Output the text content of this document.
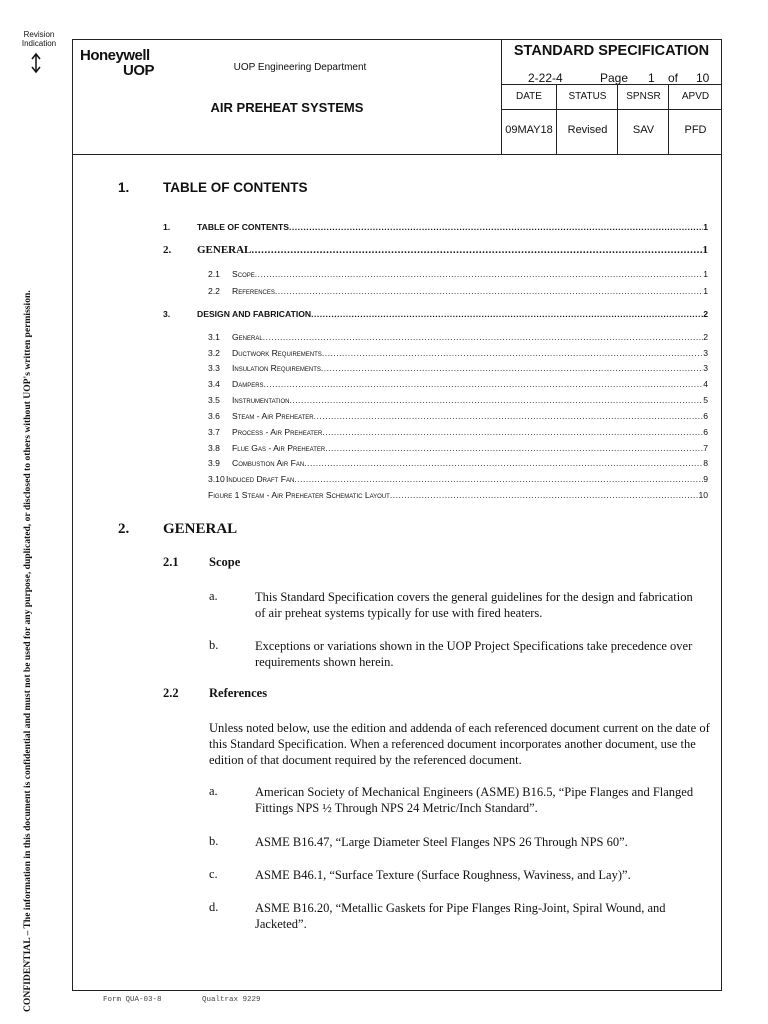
Revision Indication
CONFIDENTIAL – The information in this document is confidential and must not be used for any purpose, duplicated, or disclosed to others without UOP's written permission.
Honeywell
UOP	UOP Engineering Department
AIR PREHEAT SYSTEMS
STANDARD SPECIFICATION
2-22-4	Page 1 of 10
DATE	STATUS	SPNSR	APVD
09MAY18	Revised	SAV	PFD
1. TABLE OF CONTENTS
1.	TABLE OF CONTENTS .....	1
2.	GENERAL .....	1
2.1	Scope .....	1
2.2	References .....	1
3.	DESIGN AND FABRICATION .....	2
3.1	General .....	2
3.2	Ductwork Requirements .....	3
3.3	Insulation Requirements .....	3
3.4	Dampers .....	4
3.5	Instrumentation .....	5
3.6	Steam - Air Preheater .....	6
3.7	Process - Air Preheater .....	6
3.8	Flue Gas - Air Preheater .....	7
3.9	Combustion Air Fan .....	8
3.10 Induced Draft Fan .....	9
Figure 1 Steam - Air Preheater Schematic Layout .....	10
2. GENERAL
2.1 Scope
a.	This Standard Specification covers the general guidelines for the design and fabrication of air preheat systems typically for use with fired heaters.
b.	Exceptions or variations shown in the UOP Project Specifications take precedence over requirements shown herein.
2.2 References
Unless noted below, use the edition and addenda of each referenced document current on the date of this Standard Specification. When a referenced document incorporates another document, use the edition of that document required by the referenced document.
a.	American Society of Mechanical Engineers (ASME) B16.5, “Pipe Flanges and Flanged Fittings NPS ½ Through NPS 24 Metric/Inch Standard”.
b.	ASME B16.47, “Large Diameter Steel Flanges NPS 26 Through NPS 60”.
c.	ASME B46.1, “Surface Texture (Surface Roughness, Waviness, and Lay)”.
d.	ASME B16.20, “Metallic Gaskets for Pipe Flanges Ring-Joint, Spiral Wound, and Jacketed”.
Form QUA-03-8	Qualtrax 9229
